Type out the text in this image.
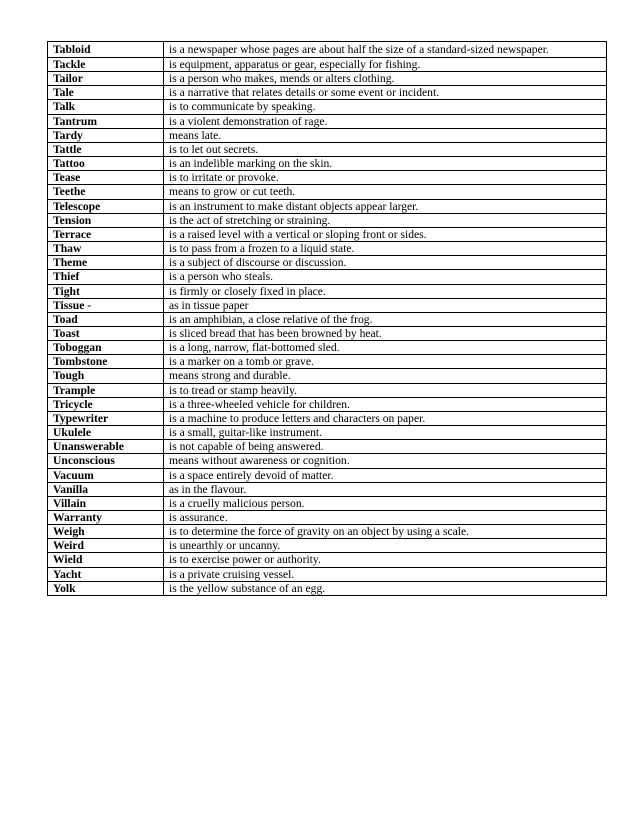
Tabloid	is a newspaper whose pages are about half the size of a standard-sized newspaper.
Tackle	is equipment, apparatus or gear, especially for fishing.
Tailor	is a person who makes, mends or alters clothing.
Tale	is a narrative that relates details or some event or incident.
Talk	is to communicate by speaking.
Tantrum	is a violent demonstration of rage.
Tardy	means late.
Tattle	is to let out secrets.
Tattoo	is an indelible marking on the skin.
Tease	is to irritate or provoke.
Teethe	means to grow or cut teeth.
Telescope	is an instrument to make distant objects appear larger.
Tension	is the act of stretching or straining.
Terrace	is a raised level with a vertical or sloping front or sides.
Thaw	is to pass from a frozen to a liquid state.
Theme	is a subject of discourse or discussion.
Thief	is a person who steals.
Tight	is firmly or closely fixed in place.
Tissue -	as in tissue paper
Toad	is an amphibian, a close relative of the frog.
Toast	is sliced bread that has been browned by heat.
Toboggan	is a long, narrow, flat-bottomed sled.
Tombstone	is a marker on a tomb or grave.
Tough	means strong and durable.
Trample	is to tread or stamp heavily.
Tricycle	is a three-wheeled vehicle for children.
Typewriter	is a machine to produce letters and characters on paper.
Ukulele	is a small, guitar-like instrument.
Unanswerable	is not capable of being answered.
Unconscious	means without awareness or cognition.
Vacuum	is a space entirely devoid of matter.
Vanilla	as in the flavour.
Villain	is a cruelly malicious person.
Warranty	is assurance.
Weigh	is to determine the force of gravity on an object by using a scale.
Weird	is unearthly or uncanny.
Wield	is to exercise power or authority.
Yacht	is a private cruising vessel.
Yolk	is the yellow substance of an egg.
